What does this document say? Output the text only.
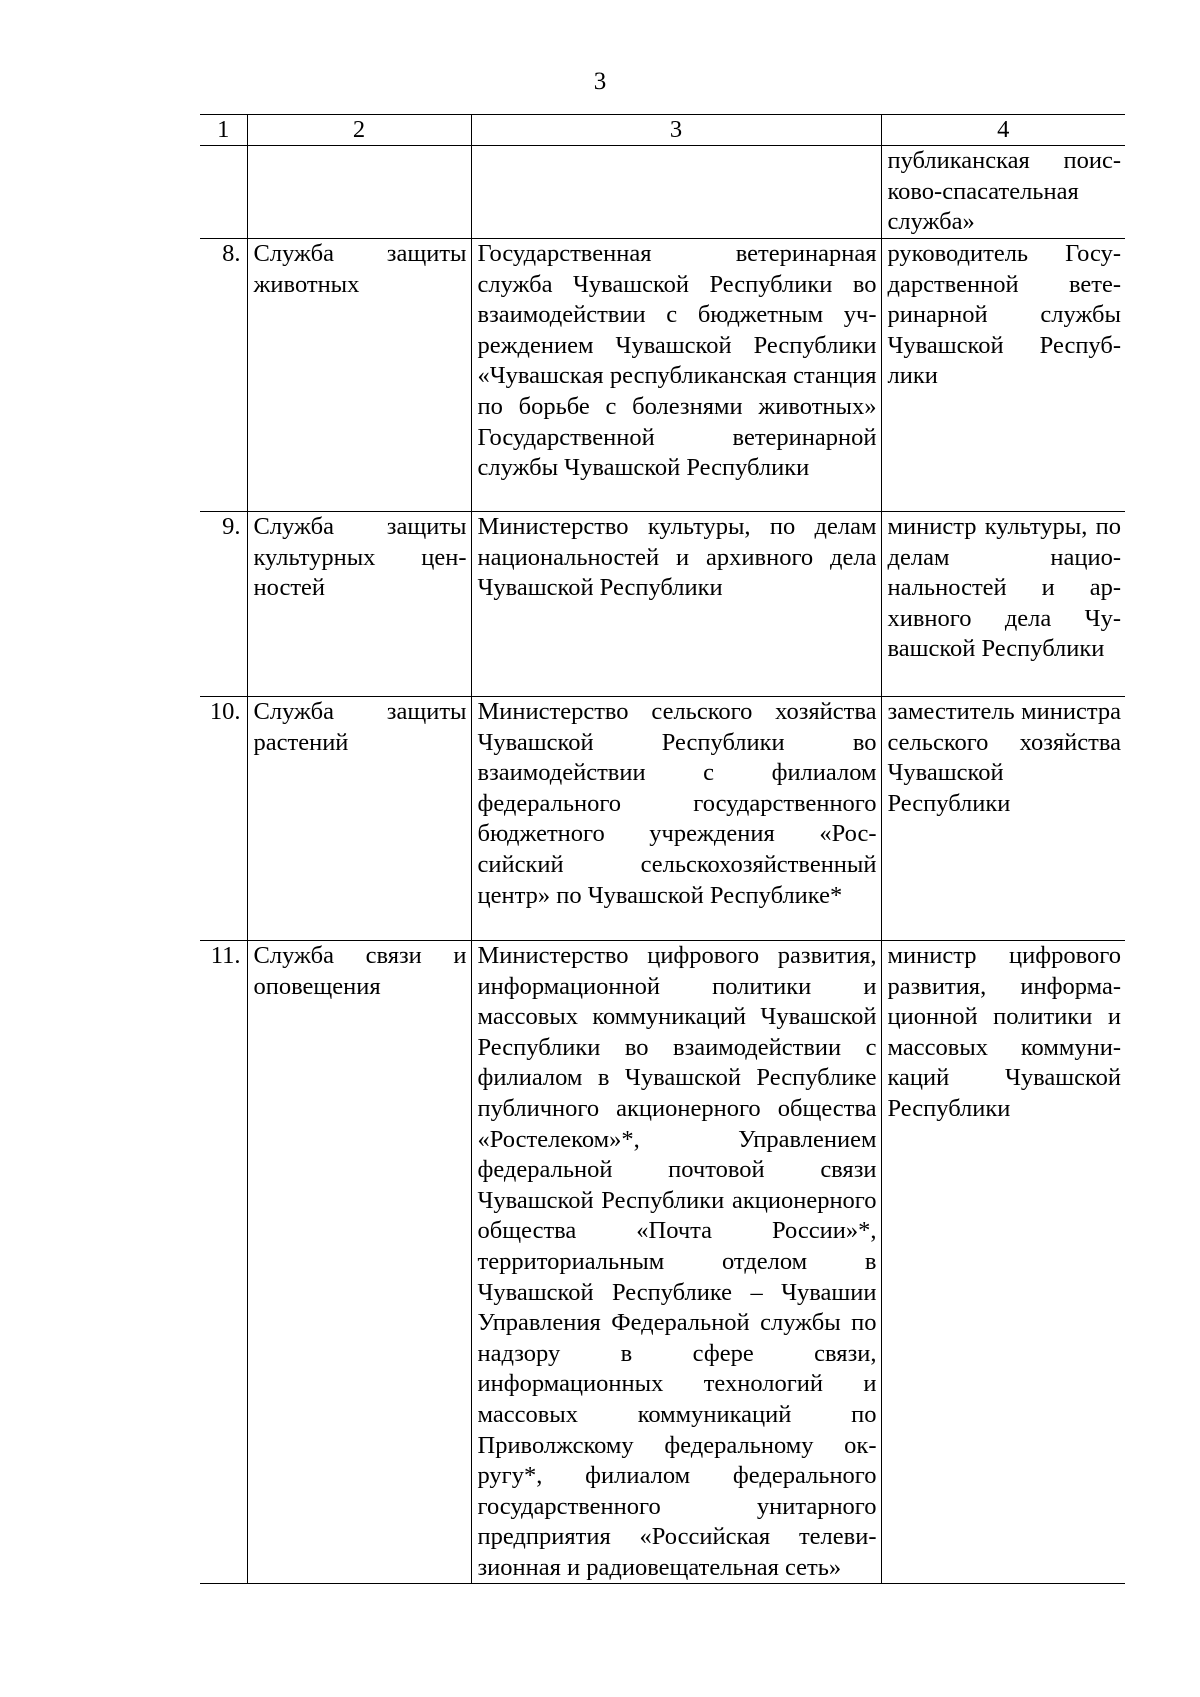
3
1	2	3	4
			публиканская поисково-спасательная служба»
8.	Служба защиты животных	Государственная ветеринарная служба Чувашской Республики во взаимодействии с бюджетным учреждением Чувашской Республики «Чувашская республиканская станция по борьбе с болезнями животных» Государственной ветеринарной службы Чувашской Республики	руководитель Государственной ветеринарной службы Чувашской Республики
9.	Служба защиты культурных ценностей	Министерство культуры, по делам национальностей и архивного дела Чувашской Республики	министр культуры, по делам национальностей и архивного дела Чувашской Республики
10.	Служба защиты растений	Министерство сельского хозяйства Чувашской Республики во взаимодействии с филиалом федерального государственного бюджетного учреждения «Российский сельскохозяйственный центр» по Чувашской Республике*	заместитель министра сельского хозяйства Чувашской Республики
11.	Служба связи и оповещения	Министерство цифрового развития, информационной политики и массовых коммуникаций Чувашской Республики во взаимодействии с филиалом в Чувашской Республике публичного акционерного общества «Ростелеком»*, Управлением федеральной почтовой связи Чувашской Республики акционерного общества «Почта России»*, территориальным отделом в Чувашской Республике – Чувашии Управления Федеральной службы по надзору в сфере связи, информационных технологий и массовых коммуникаций по Приволжскому федеральному округу*, филиалом федерального государственного унитарного предприятия «Российская телевизионная и радиовещательная сеть»	министр цифрового развития, информационной политики и массовых коммуникаций Чувашской Республики
